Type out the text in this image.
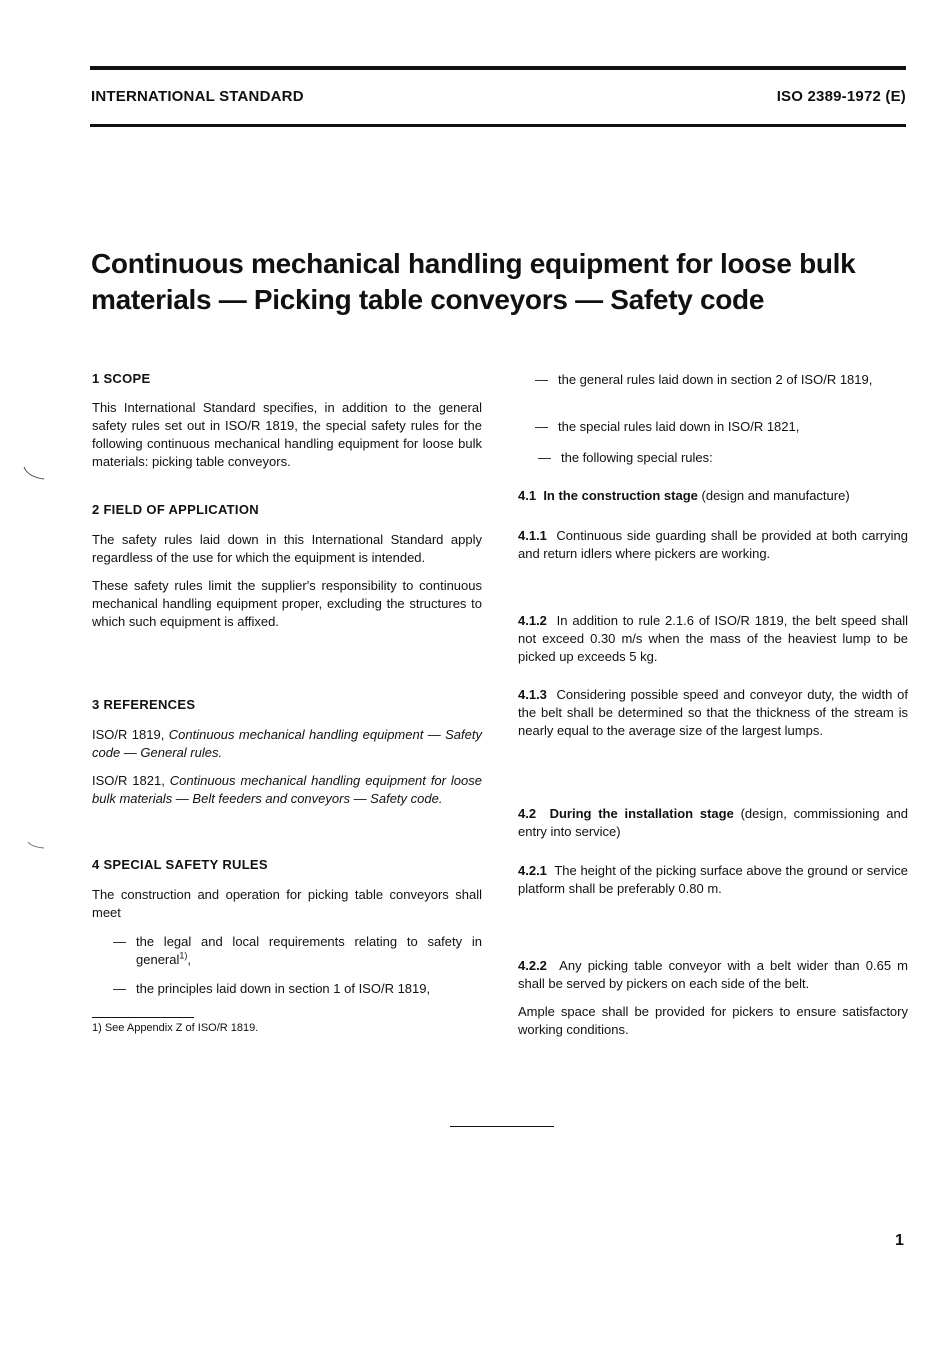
INTERNATIONAL STANDARD	ISO 2389-1972 (E)
Continuous mechanical handling equipment for loose bulk
materials — Picking table conveyors — Safety code
1 SCOPE

This International Standard specifies, in addition to the general safety rules set out in ISO/R 1819, the special safety rules for the following continuous mechanical handling equipment for loose bulk materials: picking table conveyors.

2 FIELD OF APPLICATION

The safety rules laid down in this International Standard apply regardless of the use for which the equipment is intended.

These safety rules limit the supplier's responsibility to continuous mechanical handling equipment proper, excluding the structures to which such equipment is affixed.

3 REFERENCES

ISO/R 1819, Continuous mechanical handling equipment — Safety code — General rules.

ISO/R 1821, Continuous mechanical handling equipment for loose bulk materials — Belt feeders and conveyors — Safety code.

4 SPECIAL SAFETY RULES

The construction and operation for picking table conveyors shall meet

— the legal and local requirements relating to safety in general$^{1)}$,

— the principles laid down in section 1 of ISO/R 1819,

1) See Appendix Z of ISO/R 1819.
— the general rules laid down in section 2 of ISO/R 1819,

— the special rules laid down in ISO/R 1821,

— the following special rules:

4.1 In the construction stage (design and manufacture)

4.1.1 Continuous side guarding shall be provided at both carrying and return idlers where pickers are working.

4.1.2 In addition to rule 2.1.6 of ISO/R 1819, the belt speed shall not exceed 0.30 m/s when the mass of the heaviest lump to be picked up exceeds 5 kg.

4.1.3 Considering possible speed and conveyor duty, the width of the belt shall be determined so that the thickness of the stream is nearly equal to the average size of the largest lumps.

4.2 During the installation stage (design, commissioning and entry into service)

4.2.1 The height of the picking surface above the ground or service platform shall be preferably 0.80 m.

4.2.2 Any picking table conveyor with a belt wider than 0.65 m shall be served by pickers on each side of the belt.

Ample space shall be provided for pickers to ensure satisfactory working conditions.

1
